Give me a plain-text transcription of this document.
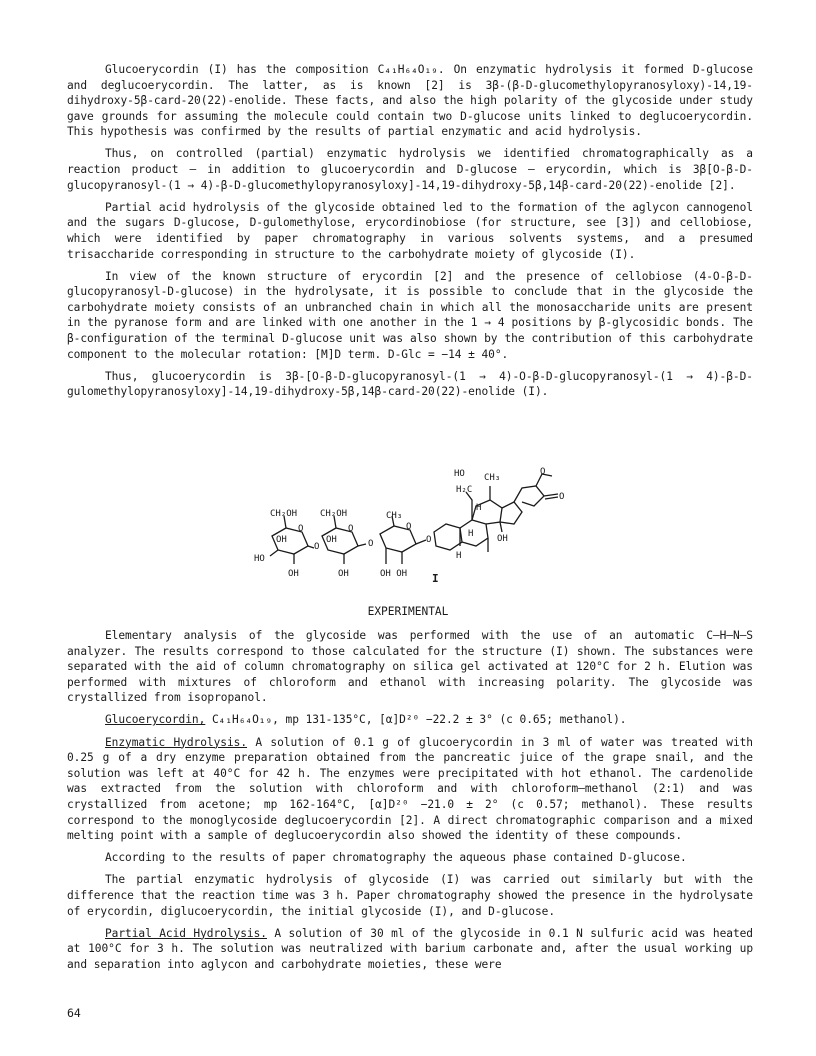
Glucoerycordin (I) has the composition C₄₁H₆₄O₁₉. On enzymatic hydrolysis it formed D-glucose and deglucoerycordin. The latter, as is known [2] is 3β-(β-D-glucomethylopyranosyloxy)-14,19-dihydroxy-5β-card-20(22)-enolide. These facts, and also the high polarity of the glycoside under study gave grounds for assuming the molecule could contain two D-glucose units linked to deglucoerycordin. This hypothesis was confirmed by the results of partial enzymatic and acid hydrolysis.

Thus, on controlled (partial) enzymatic hydrolysis we identified chromatographically as a reaction product — in addition to glucoerycordin and D-glucose — erycordin, which is 3β[O-β-D-glucopyranosyl-(1 → 4)-β-D-glucomethylopyranosyloxy]-14,19-dihydroxy-5β,14β-card-20(22)-enolide [2].

Partial acid hydrolysis of the glycoside obtained led to the formation of the aglycon cannogenol and the sugars D-glucose, D-gulomethylose, erycordinobiose (for structure, see [3]) and cellobiose, which were identified by paper chromatography in various solvents systems, and a presumed trisaccharide corresponding in structure to the carbohydrate moiety of glycoside (I).

In view of the known structure of erycordin [2] and the presence of cellobiose (4-O-β-D-glucopyranosyl-D-glucose) in the hydrolysate, it is possible to conclude that in the glycoside the carbohydrate moiety consists of an unbranched chain in which all the monosaccharide units are present in the pyranose form and are linked with one another in the 1 → 4 positions by β-glycosidic bonds. The β-configuration of the terminal D-glucose unit was also shown by the contribution of this carbohydrate component to the molecular rotation: [M]D term. D-Glc = −14 ± 40°.

Thus, glucoerycordin is 3β-[O-β-D-glucopyranosyl-(1 → 4)-O-β-D-glucopyranosyl-(1 → 4)-β-D-gulomethylopyranosyloxy]-14,19-dihydroxy-5β,14β-card-20(22)-enolide (I).

CH₂OH	CH₂OH	CH₃
O	O	O
OH	OH
HO
O	O	O
OH	OH	OH OH
HO CH₃
H₂C
H
H
H
OH
O
O
I
EXPERIMENTAL

Elementary analysis of the glycoside was performed with the use of an automatic C–H–N–S analyzer. The results correspond to those calculated for the structure (I) shown. The substances were separated with the aid of column chromatography on silica gel activated at 120°C for 2 h. Elution was performed with mixtures of chloroform and ethanol with increasing polarity. The glycoside was crystallized from isopropanol.

Glucoerycordin, C₄₁H₆₄O₁₉, mp 131-135°C, [α]D²⁰ −22.2 ± 3° (c 0.65; methanol).

Enzymatic Hydrolysis. A solution of 0.1 g of glucoerycordin in 3 ml of water was treated with 0.25 g of a dry enzyme preparation obtained from the pancreatic juice of the grape snail, and the solution was left at 40°C for 42 h. The enzymes were precipitated with hot ethanol. The cardenolide was extracted from the solution with chloroform and with chloroform–methanol (2:1) and was crystallized from acetone; mp 162-164°C, [α]D²⁰ −21.0 ± 2° (c 0.57; methanol). These results correspond to the monoglycoside deglucoerycordin [2]. A direct chromatographic comparison and a mixed melting point with a sample of deglucoerycordin also showed the identity of these compounds.

According to the results of paper chromatography the aqueous phase contained D-glucose.

The partial enzymatic hydrolysis of glycoside (I) was carried out similarly but with the difference that the reaction time was 3 h. Paper chromatography showed the presence in the hydrolysate of erycordin, diglucoerycordin, the initial glycoside (I), and D-glucose.

Partial Acid Hydrolysis. A solution of 30 ml of the glycoside in 0.1 N sulfuric acid was heated at 100°C for 3 h. The solution was neutralized with barium carbonate and, after the usual working up and separation into aglycon and carbohydrate moieties, these were

64
